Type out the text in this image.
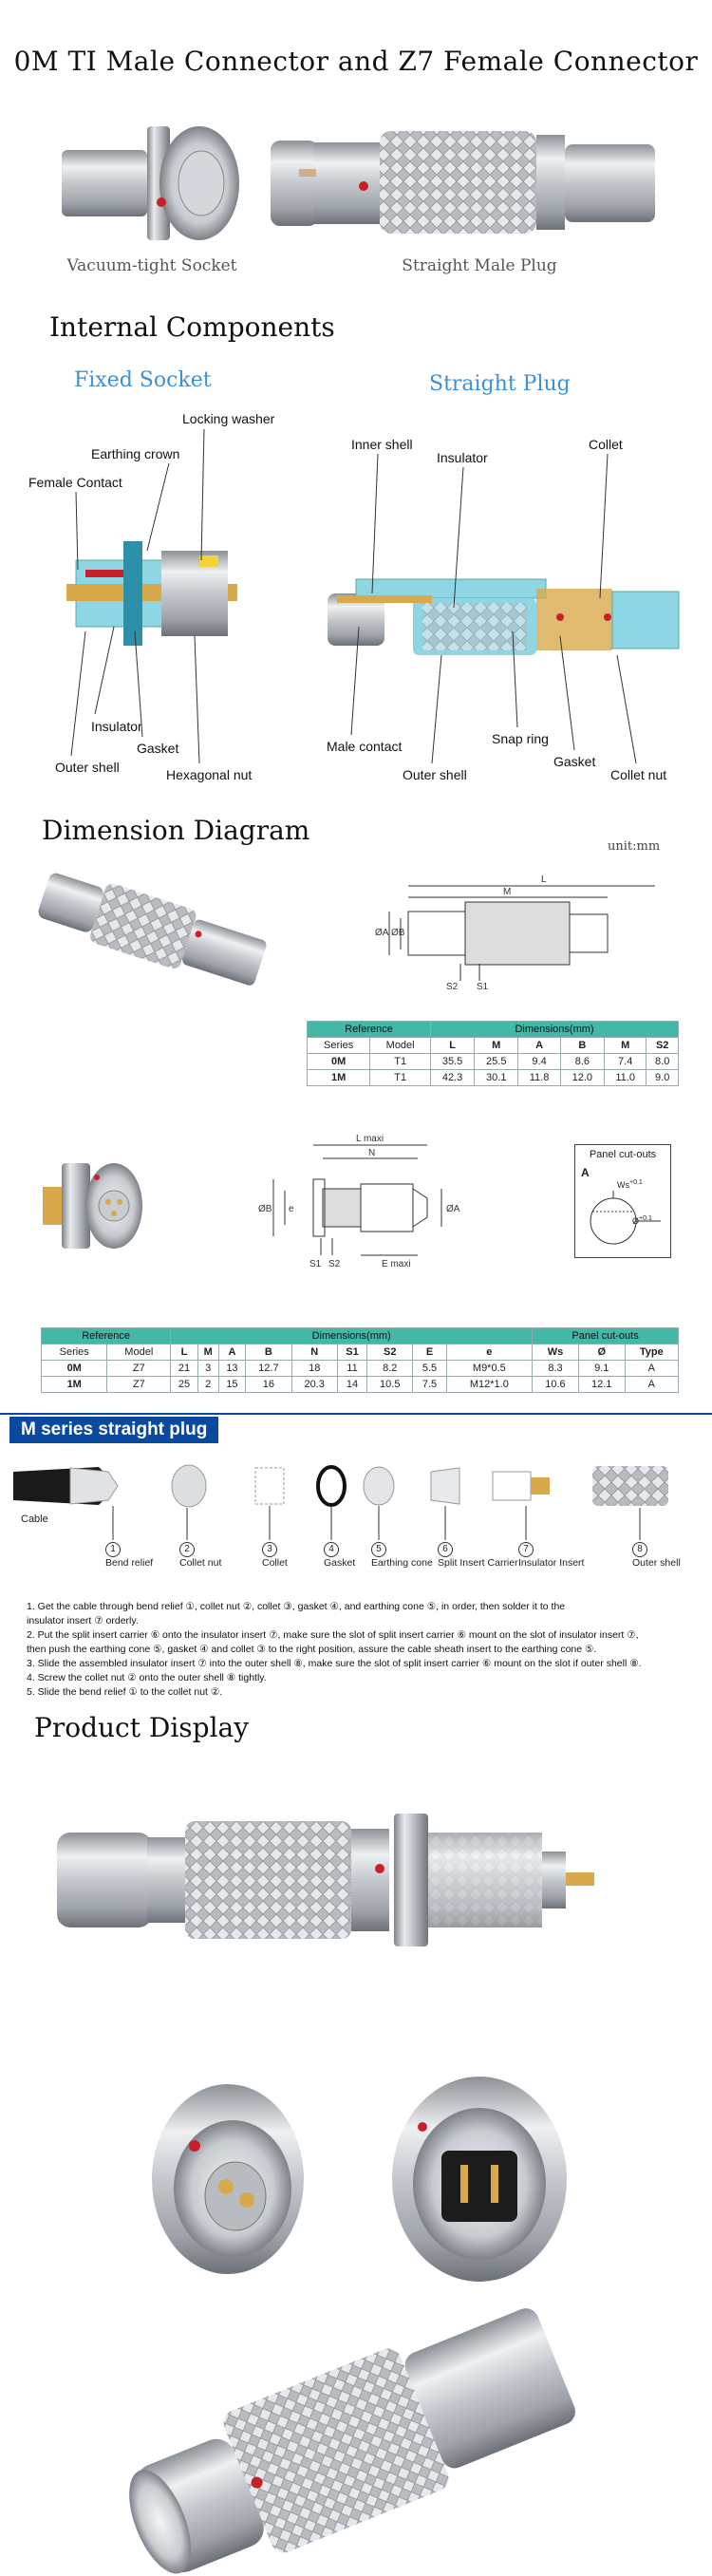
0M TI Male Connector and Z7 Female Connector
Vacuum-tight Socket	Straight Male Plug
Internal Components
Fixed Socket	Straight Plug
Locking washer
Earthing crown
Female Contact
Insulator
Gasket
Outer shell	Hexagonal nut
Inner shell
Insulator
Collet
Male contact	Snap ring
Gasket
Outer shell	Collet nut
Dimension Diagram
unit:mm
L
M
ØA ØB
S2 S1
Reference		Dimensions(mm)					
Series	Model	L	M	A	B	M	S2
0M	T1	35.5	25.5	9.4	8.6	7.4	8.0
1M	T1	42.3	30.1	11.8	12.0	11.0	9.0
L maxi
N
ØB e	ØA
S1 S2	E maxi
Panel cut-outs
A
$Ws^{+0.1}$
$Ø^{+0.1}$
Reference		Dimensions(mm)									Panel cut-outs		
Series	Model	L	M	A	B	N	S1	S2	E	e	Ws	Ø	Type
0M	Z7	21	3	13	12.7	18	11	8.2	5.5	M9*0.5	8.3	9.1	A
1M	Z7	25	2	15	16	20.3	14	10.5	7.5	M12*1.0	10.6	12.1	A
M series straight plug
Cable
1
Bend relief
2
Collet nut
3
Collet
4
Gasket
5
Earthing cone
6
Split Insert Carrier
7
Insulator Insert
8
Outer shell
1. Get the cable through bend relief ①, collet nut ②, collet ③, gasket ④, and earthing cone ⑤, in order, then solder it to the
insulator insert ⑦ orderly.
2. Put the split insert carrier ⑥ onto the insulator insert ⑦, make sure the slot of split insert carrier ⑥ mount on the slot of insulator insert ⑦,
then push the earthing cone ⑤, gasket ④ and collet ③ to the right position, assure the cable sheath insert to the earthing cone ⑤.
3. Slide the assembled insulator insert ⑦ into the outer shell ⑧, make sure the slot of split insert carrier ⑥ mount on the slot if outer shell ⑧.
4. Screw the collet nut ② onto the outer shell ⑧ tightly.
5. Slide the bend relief ① to the collet nut ②.
Product Display
